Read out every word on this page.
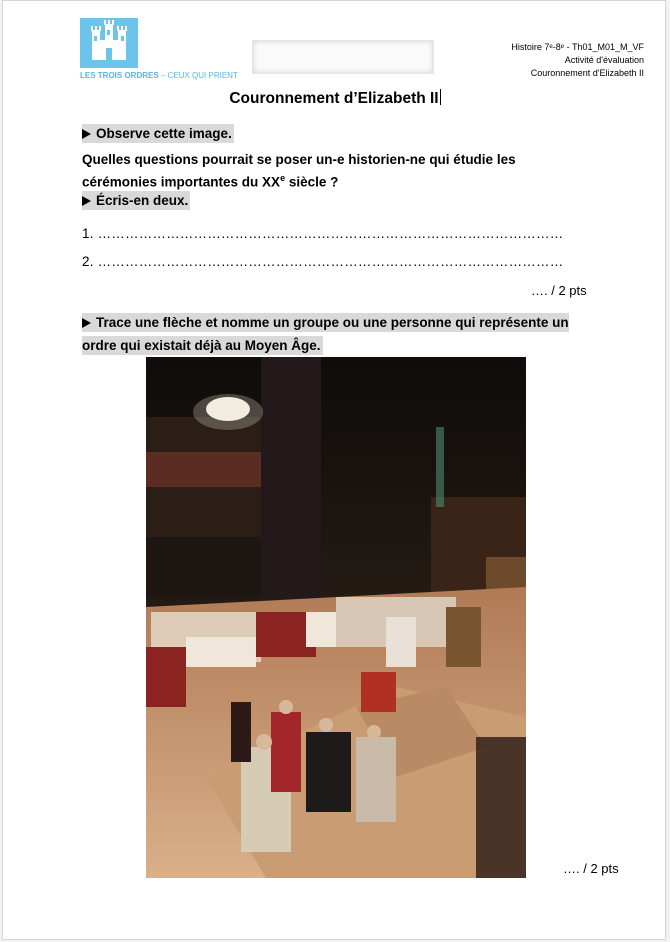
LES TROIS ORDRES – CEUX QUI PRIENT
Histoire 7ᵉ-8ᵉ - Th01_M01_M_VF
Activité d'évaluation
Couronnement d'Elizabeth II
Couronnement d’Elizabeth II
Observe cette image.
Quelles questions pourrait se poser un-e historien-ne qui étudie les cérémonies importantes du XXe siècle ?
Écris-en deux.
1. …………………………………………………………………………………………
2. …………………………………………………………………………………………
…. / 2 pts
Trace une flèche et nomme un groupe ou une personne qui représente un ordre qui existait déjà au Moyen Âge.
…. / 2 pts
